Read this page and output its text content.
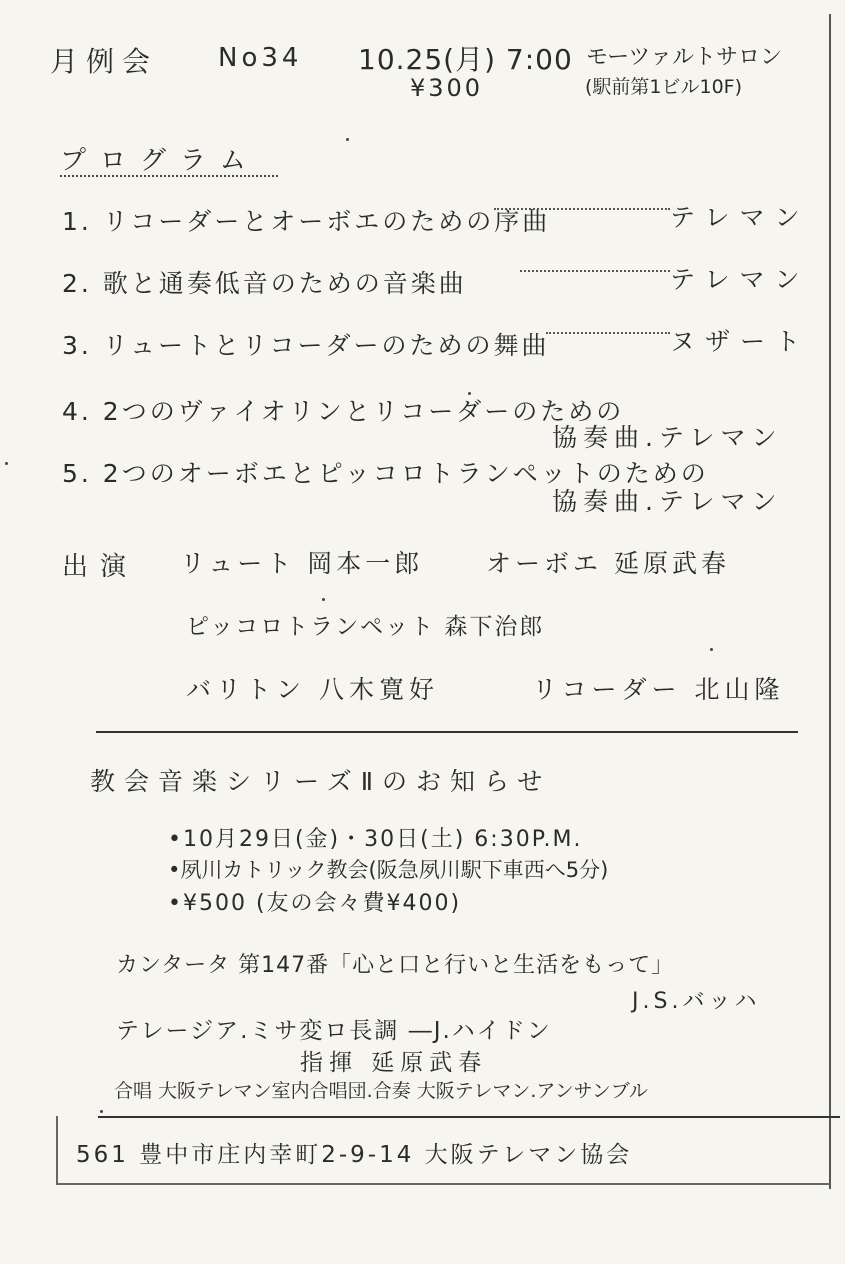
月例会 No34 10.25(月) 7:00 モーツァルトサロン
¥300	(駅前第1ビル10F)
プログラム
1. リコーダーとオーボエのための序曲	テレマン
2. 歌と通奏低音のための音楽曲	テレマン
3. リュートとリコーダーのための舞曲	ヌザート
4. 2つのヴァイオリンとリコーダーのための
協奏曲.テレマン
5. 2つのオーボエとピッコロトランペットのための
協奏曲.テレマン
出演 リュート 岡本一郎	オーボエ 延原武春
ピッコロトランペット 森下治郎
バリトン 八木寛好	リコーダー 北山隆
教会音楽シリーズⅡのお知らせ
•10月29日(金)・30日(土) 6:30P.M.
•夙川カトリック教会(阪急夙川駅下車西へ5分)
•¥500 (友の会々費¥400)
カンタータ 第147番「心と口と行いと生活をもって」
J.S.バッハ
テレージア.ミサ変ロ長調 ―J.ハイドン
指揮 延原武春
合唱 大阪テレマン室内合唱団.合奏 大阪テレマン.アンサンブル
561 豊中市庄内幸町2-9-14 大阪テレマン協会
